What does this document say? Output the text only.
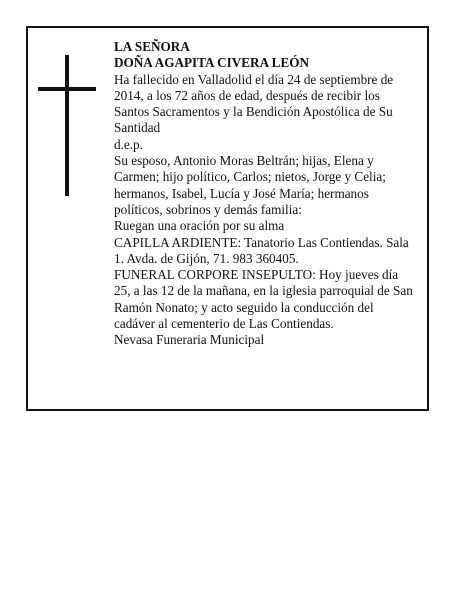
LA SEÑORA
DOÑA AGAPITA CIVERA LEÓN
Ha fallecido en Valladolid el día 24 de septiembre de 2014, a los 72 años de edad, después de recibir los Santos Sacramentos y la Bendición Apostólica de Su Santidad
d.e.p.
Su esposo, Antonio Moras Beltrán; hijas, Elena y Carmen; hijo político, Carlos; nietos, Jorge y Celia; hermanos, Isabel, Lucía y José María; hermanos políticos, sobrinos y demás familia:
Ruegan una oración por su alma
CAPILLA ARDIENTE: Tanatorio Las Contiendas. Sala 1. Avda. de Gijón, 71. 983 360405.
FUNERAL CORPORE INSEPULTO: Hoy jueves día 25, a las 12 de la mañana, en la iglesia parroquial de San Ramón Nonato; y acto seguido la conducción del cadáver al cementerio de Las Contiendas.
Nevasa Funeraria Municipal
